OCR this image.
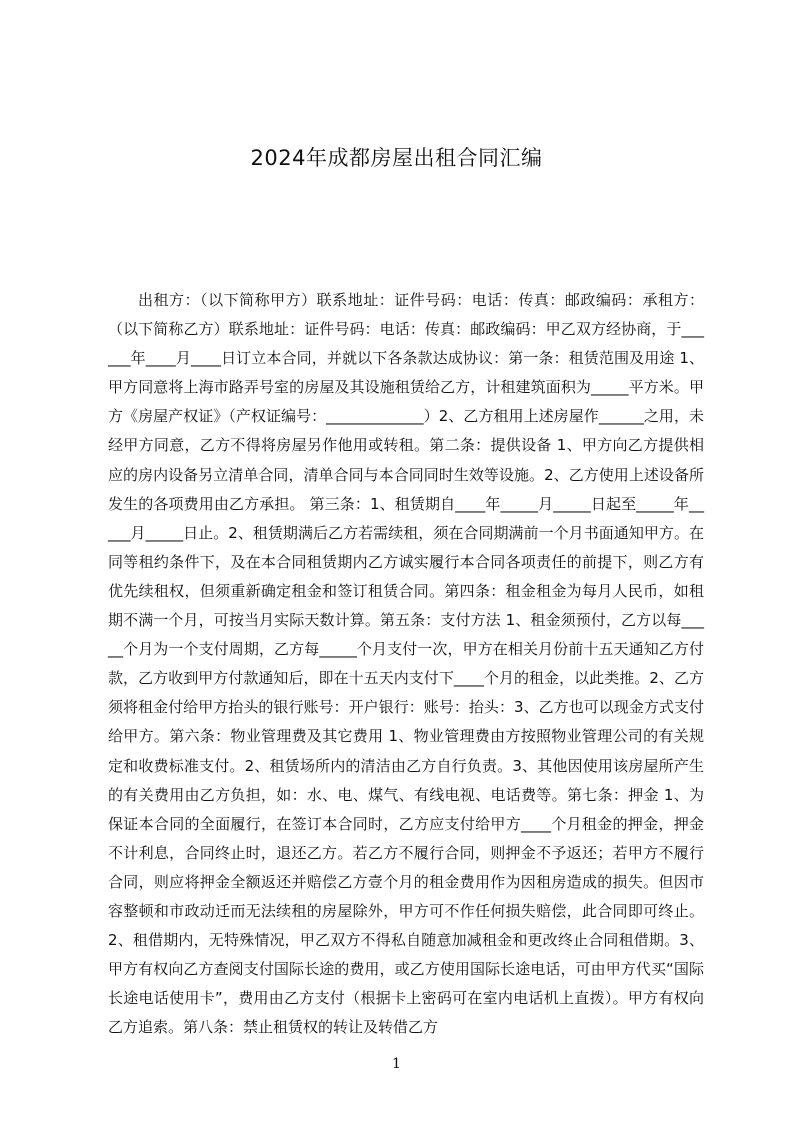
2024年成都房屋出租合同汇编

出租方：（以下简称甲方）联系地址：证件号码：电话：传真：邮政编码：承租方：（以下简称乙方）联系地址：证件号码：电话：传真：邮政编码：甲乙双方经协商，于______年____月____日订立本合同，并就以下各条款达成协议：第一条：租赁范围及用途 1、甲方同意将上海市路弄号室的房屋及其设施租赁给乙方，计租建筑面积为_____平方米。甲方《房屋产权证》（产权证编号：_____________）2、乙方租用上述房屋作______之用，未经甲方同意，乙方不得将房屋另作他用或转租。第二条：提供设备 1、甲方向乙方提供相应的房内设备另立清单合同，清单合同与本合同同时生效等设施。2、乙方使用上述设备所发生的各项费用由乙方承担。 第三条：1、租赁期自____年_____月_____日起至_____年_____月_____日止。2、租赁期满后乙方若需续租，须在合同期满前一个月书面通知甲方。在同等租约条件下，及在本合同租赁期内乙方诚实履行本合同各项责任的前提下，则乙方有优先续租权，但须重新确定租金和签订租赁合同。第四条：租金租金为每月人民币，如租期不满一个月，可按当月实际天数计算。第五条：支付方法 1、租金须预付，乙方以每_____个月为一个支付周期，乙方每_____个月支付一次，甲方在相关月份前十五天通知乙方付款，乙方收到甲方付款通知后，即在十五天内支付下____个月的租金，以此类推。2、乙方须将租金付给甲方抬头的银行账号：开户银行：账号：抬头：3、乙方也可以现金方式支付给甲方。第六条：物业管理费及其它费用 1、物业管理费由方按照物业管理公司的有关规定和收费标准支付。2、租赁场所内的清洁由乙方自行负责。3、其他因使用该房屋所产生的有关费用由乙方负担，如：水、电、煤气、有线电视、电话费等。第七条：押金 1、为保证本合同的全面履行，在签订本合同时，乙方应支付给甲方____个月租金的押金，押金不计利息，合同终止时，退还乙方。若乙方不履行合同，则押金不予返还；若甲方不履行合同，则应将押金全额返还并赔偿乙方壹个月的租金费用作为因租房造成的损失。但因市容整顿和市政动迁而无法续租的房屋除外，甲方可不作任何损失赔偿，此合同即可终止。2、租借期内，无特殊情况，甲乙双方不得私自随意加减租金和更改终止合同租借期。3、甲方有权向乙方查阅支付国际长途的费用，或乙方使用国际长途电话，可由甲方代买“国际长途电话使用卡”，费用由乙方支付（根据卡上密码可在室内电话机上直拨）。甲方有权向乙方追索。第八条：禁止租赁权的转让及转借乙方

1
